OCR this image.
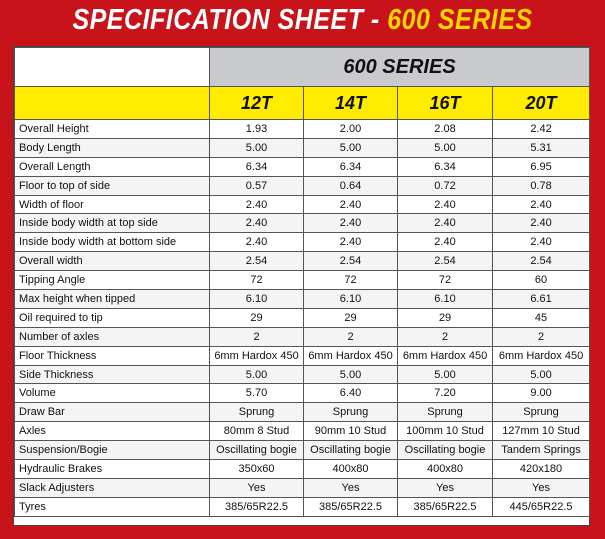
SPECIFICATION SHEET - 600 SERIES
	600 SERIES			
	12T	14T	16T	20T
Overall Height	1.93	2.00	2.08	2.42
Body Length	5.00	5.00	5.00	5.31
Overall Length	6.34	6.34	6.34	6.95
Floor to top of side	0.57	0.64	0.72	0.78
Width of floor	2.40	2.40	2.40	2.40
Inside body width at top side	2.40	2.40	2.40	2.40
Inside body width at bottom side	2.40	2.40	2.40	2.40
Overall width	2.54	2.54	2.54	2.54
Tipping Angle	72	72	72	60
Max height when tipped	6.10	6.10	6.10	6.61
Oil required to tip	29	29	29	45
Number of axles	2	2	2	2
Floor Thickness	6mm Hardox 450	6mm Hardox 450	6mm Hardox 450	6mm Hardox 450
Side Thickness	5.00	5.00	5.00	5.00
Volume	5.70	6.40	7.20	9.00
Draw Bar	Sprung	Sprung	Sprung	Sprung
Axles	80mm 8 Stud	90mm 10 Stud	100mm 10 Stud	127mm 10 Stud
Suspension/Bogie	Oscillating bogie	Oscillating bogie	Oscillating bogie	Tandem Springs
Hydraulic Brakes	350x60	400x80	400x80	420x180
Slack Adjusters	Yes	Yes	Yes	Yes
Tyres	385/65R22.5	385/65R22.5	385/65R22.5	445/65R22.5
